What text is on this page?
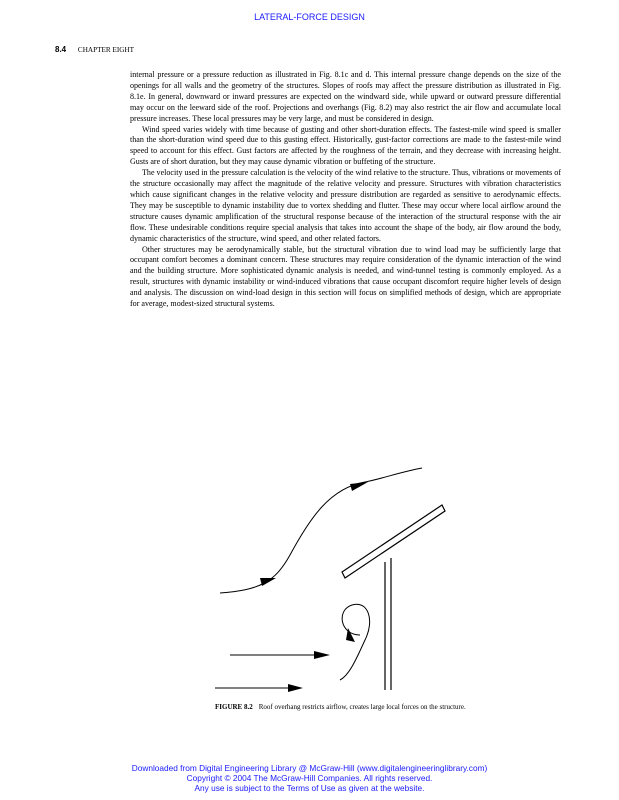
LATERAL-FORCE DESIGN
8.4 CHAPTER EIGHT

internal pressure or a pressure reduction as illustrated in Fig. 8.1c and d. This internal pressure change depends on the size of the openings for all walls and the geometry of the structures. Slopes of roofs may affect the pressure distribution as illustrated in Fig. 8.1e. In general, downward or inward pressures are expected on the windward side, while upward or outward pressure differential may occur on the leeward side of the roof. Projections and overhangs (Fig. 8.2) may also restrict the air flow and accumulate local pressure increases. These local pressures may be very large, and must be considered in design.

Wind speed varies widely with time because of gusting and other short-duration effects. The fastest-mile wind speed is smaller than the short-duration wind speed due to this gusting effect. Historically, gust-factor corrections are made to the fastest-mile wind speed to account for this effect. Gust factors are affected by the roughness of the terrain, and they decrease with increasing height. Gusts are of short duration, but they may cause dynamic vibration or buffeting of the structure.

The velocity used in the pressure calculation is the velocity of the wind relative to the structure. Thus, vibrations or movements of the structure occasionally may affect the magnitude of the relative velocity and pressure. Structures with vibration characteristics which cause significant changes in the relative velocity and pressure distribution are regarded as sensitive to aerodynamic effects. They may be susceptible to dynamic instability due to vortex shedding and flutter. These may occur where local airflow around the structure causes dynamic amplification of the structural response because of the interaction of the structural response with the air flow. These undesirable conditions require special analysis that takes into account the shape of the body, air flow around the body, dynamic characteristics of the structure, wind speed, and other related factors.

Other structures may be aerodynamically stable, but the structural vibration due to wind load may be sufficiently large that occupant comfort becomes a dominant concern. These structures may require consideration of the dynamic interaction of the wind and the building structure. More sophisticated dynamic analysis is needed, and wind-tunnel testing is commonly employed. As a result, structures with dynamic instability or wind-induced vibrations that cause occupant discomfort require higher levels of design and analysis. The discussion on wind-load design in this section will focus on simplified methods of design, which are appropriate for average, modest-sized structural systems.

FIGURE 8.2 Roof overhang restricts airflow, creates large local forces on the structure.
Downloaded from Digital Engineering Library @ McGraw-Hill (www.digitalengineeringlibrary.com)
Copyright © 2004 The McGraw-Hill Companies. All rights reserved.
Any use is subject to the Terms of Use as given at the website.
